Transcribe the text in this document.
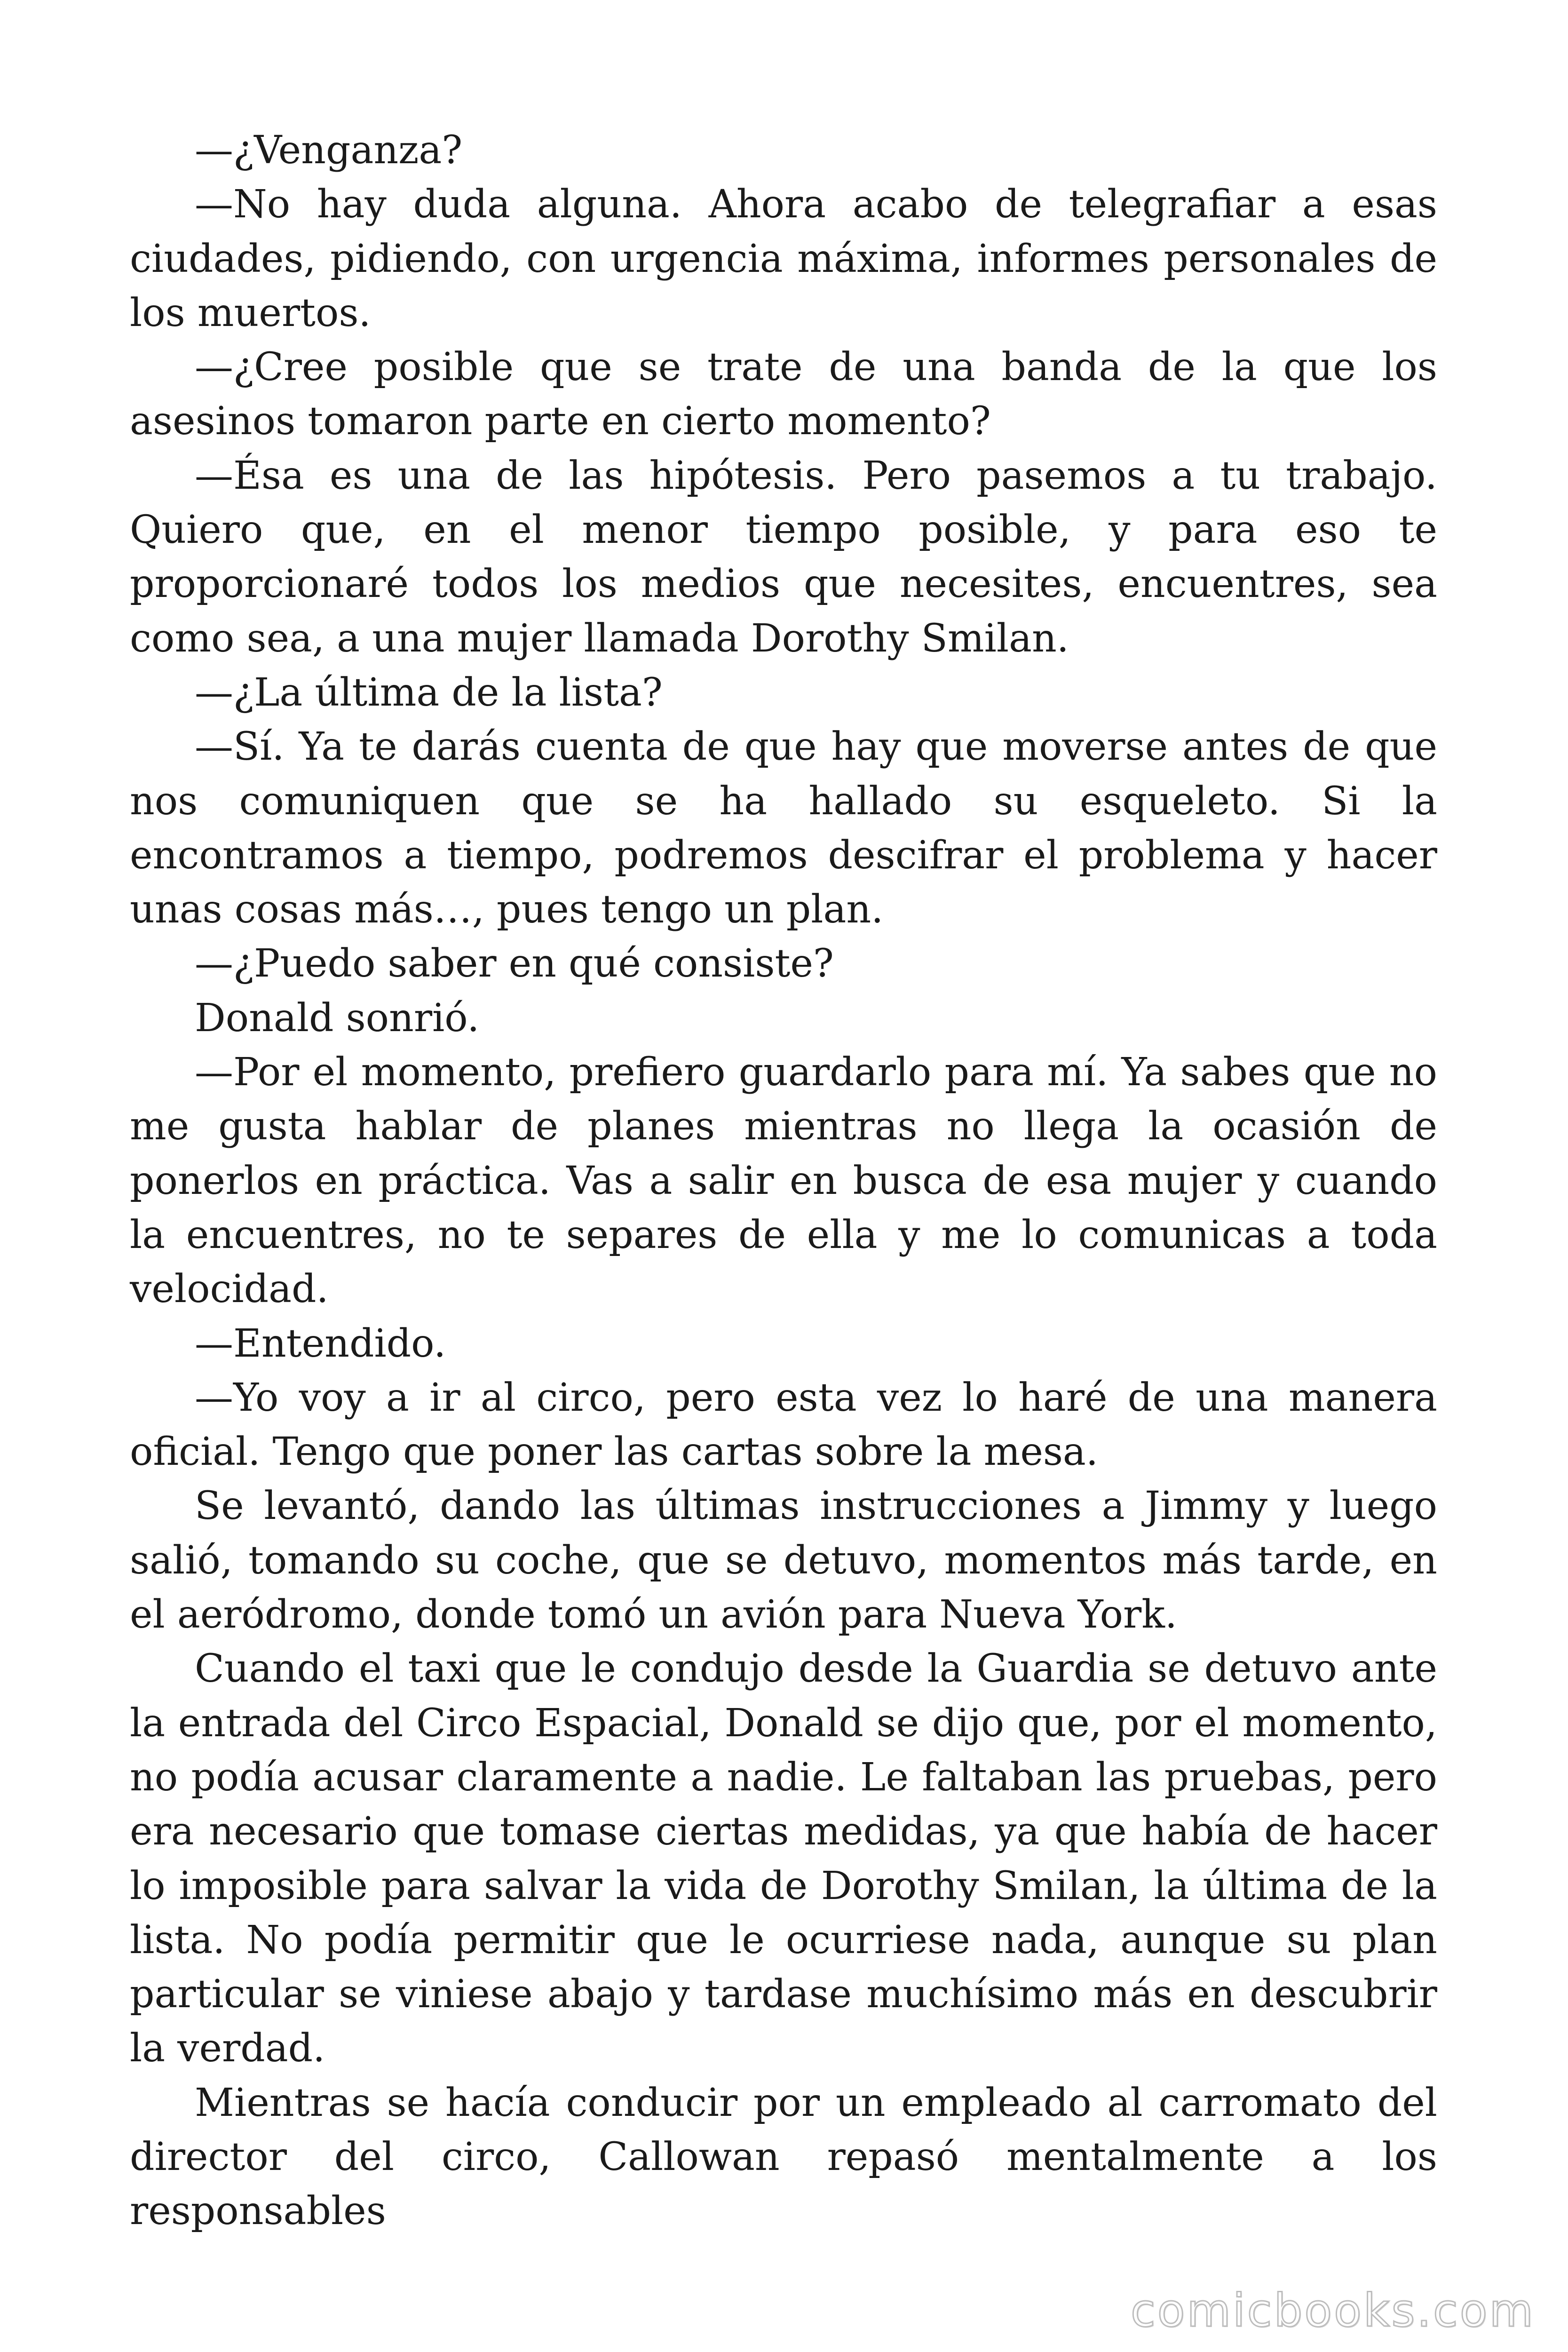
—¿Venganza?

—No hay duda alguna. Ahora acabo de telegrafiar a esas ciudades, pidiendo, con urgencia máxima, informes personales de los muertos.

—¿Cree posible que se trate de una banda de la que los asesinos tomaron parte en cierto momento?

—Ésa es una de las hipótesis. Pero pasemos a tu trabajo. Quiero que, en el menor tiempo posible, y para eso te proporcionaré todos los medios que necesites, encuentres, sea como sea, a una mujer llamada Dorothy Smilan.

—¿La última de la lista?

—Sí. Ya te darás cuenta de que hay que moverse antes de que nos comuniquen que se ha hallado su esqueleto. Si la encontramos a tiempo, podremos descifrar el problema y hacer unas cosas más…, pues tengo un plan.

—¿Puedo saber en qué consiste?

Donald sonrió.

—Por el momento, prefiero guardarlo para mí. Ya sabes que no me gusta hablar de planes mientras no llega la ocasión de ponerlos en práctica. Vas a salir en busca de esa mujer y cuando la encuentres, no te separes de ella y me lo comunicas a toda velocidad.

—Entendido.

—Yo voy a ir al circo, pero esta vez lo haré de una manera oficial. Tengo que poner las cartas sobre la mesa.

Se levantó, dando las últimas instrucciones a Jimmy y luego salió, tomando su coche, que se detuvo, momentos más tarde, en el aeródromo, donde tomó un avión para Nueva York.

Cuando el taxi que le condujo desde la Guardia se detuvo ante la entrada del Circo Espacial, Donald se dijo que, por el momento, no podía acusar claramente a nadie. Le faltaban las pruebas, pero era necesario que tomase ciertas medidas, ya que había de hacer lo imposible para salvar la vida de Dorothy Smilan, la última de la lista. No podía permitir que le ocurriese nada, aunque su plan particular se viniese abajo y tardase muchísimo más en descubrir la verdad.

Mientras se hacía conducir por un empleado al carromato del director del circo, Callowan repasó mentalmente a los responsables

comicbooks.com
